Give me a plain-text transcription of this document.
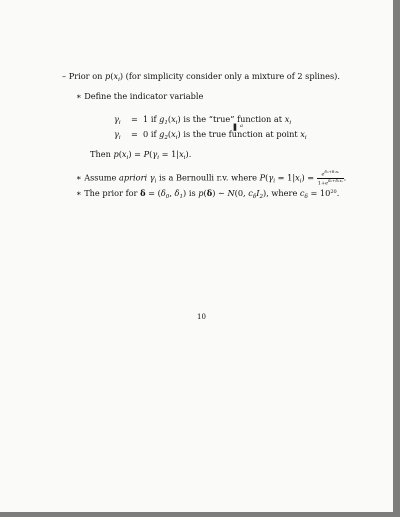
– Prior on $p(x_i)$ (for simplicity consider only a mixture of 2 splines).
∗ Define the indicator variable
$\gamma_i = 1$ if $g_1(x_i)$ is the “true” function at $x_i$
$\gamma_i = 0$ if $g_2(x_i)$ is the true function at point $x_i$
❚ a
Then $p(x_i) = P(\gamma_i = 1|x_i)$.
∗ Assume apriori $\gamma_i$ is a Bernoulli r.v. where $P(\gamma_i = 1|x_i) = \frac{e^{\delta_0+\delta_1xᵢ}}{1+e^{\delta_0+\delta_1xᵢ}}$ .
∗ The prior for $\delta = (\delta_0$, $\delta_1$) is p(δ) ∼ N(0, $c_\delta I_2$), where $c_\delta = 10^{20}$.
10
